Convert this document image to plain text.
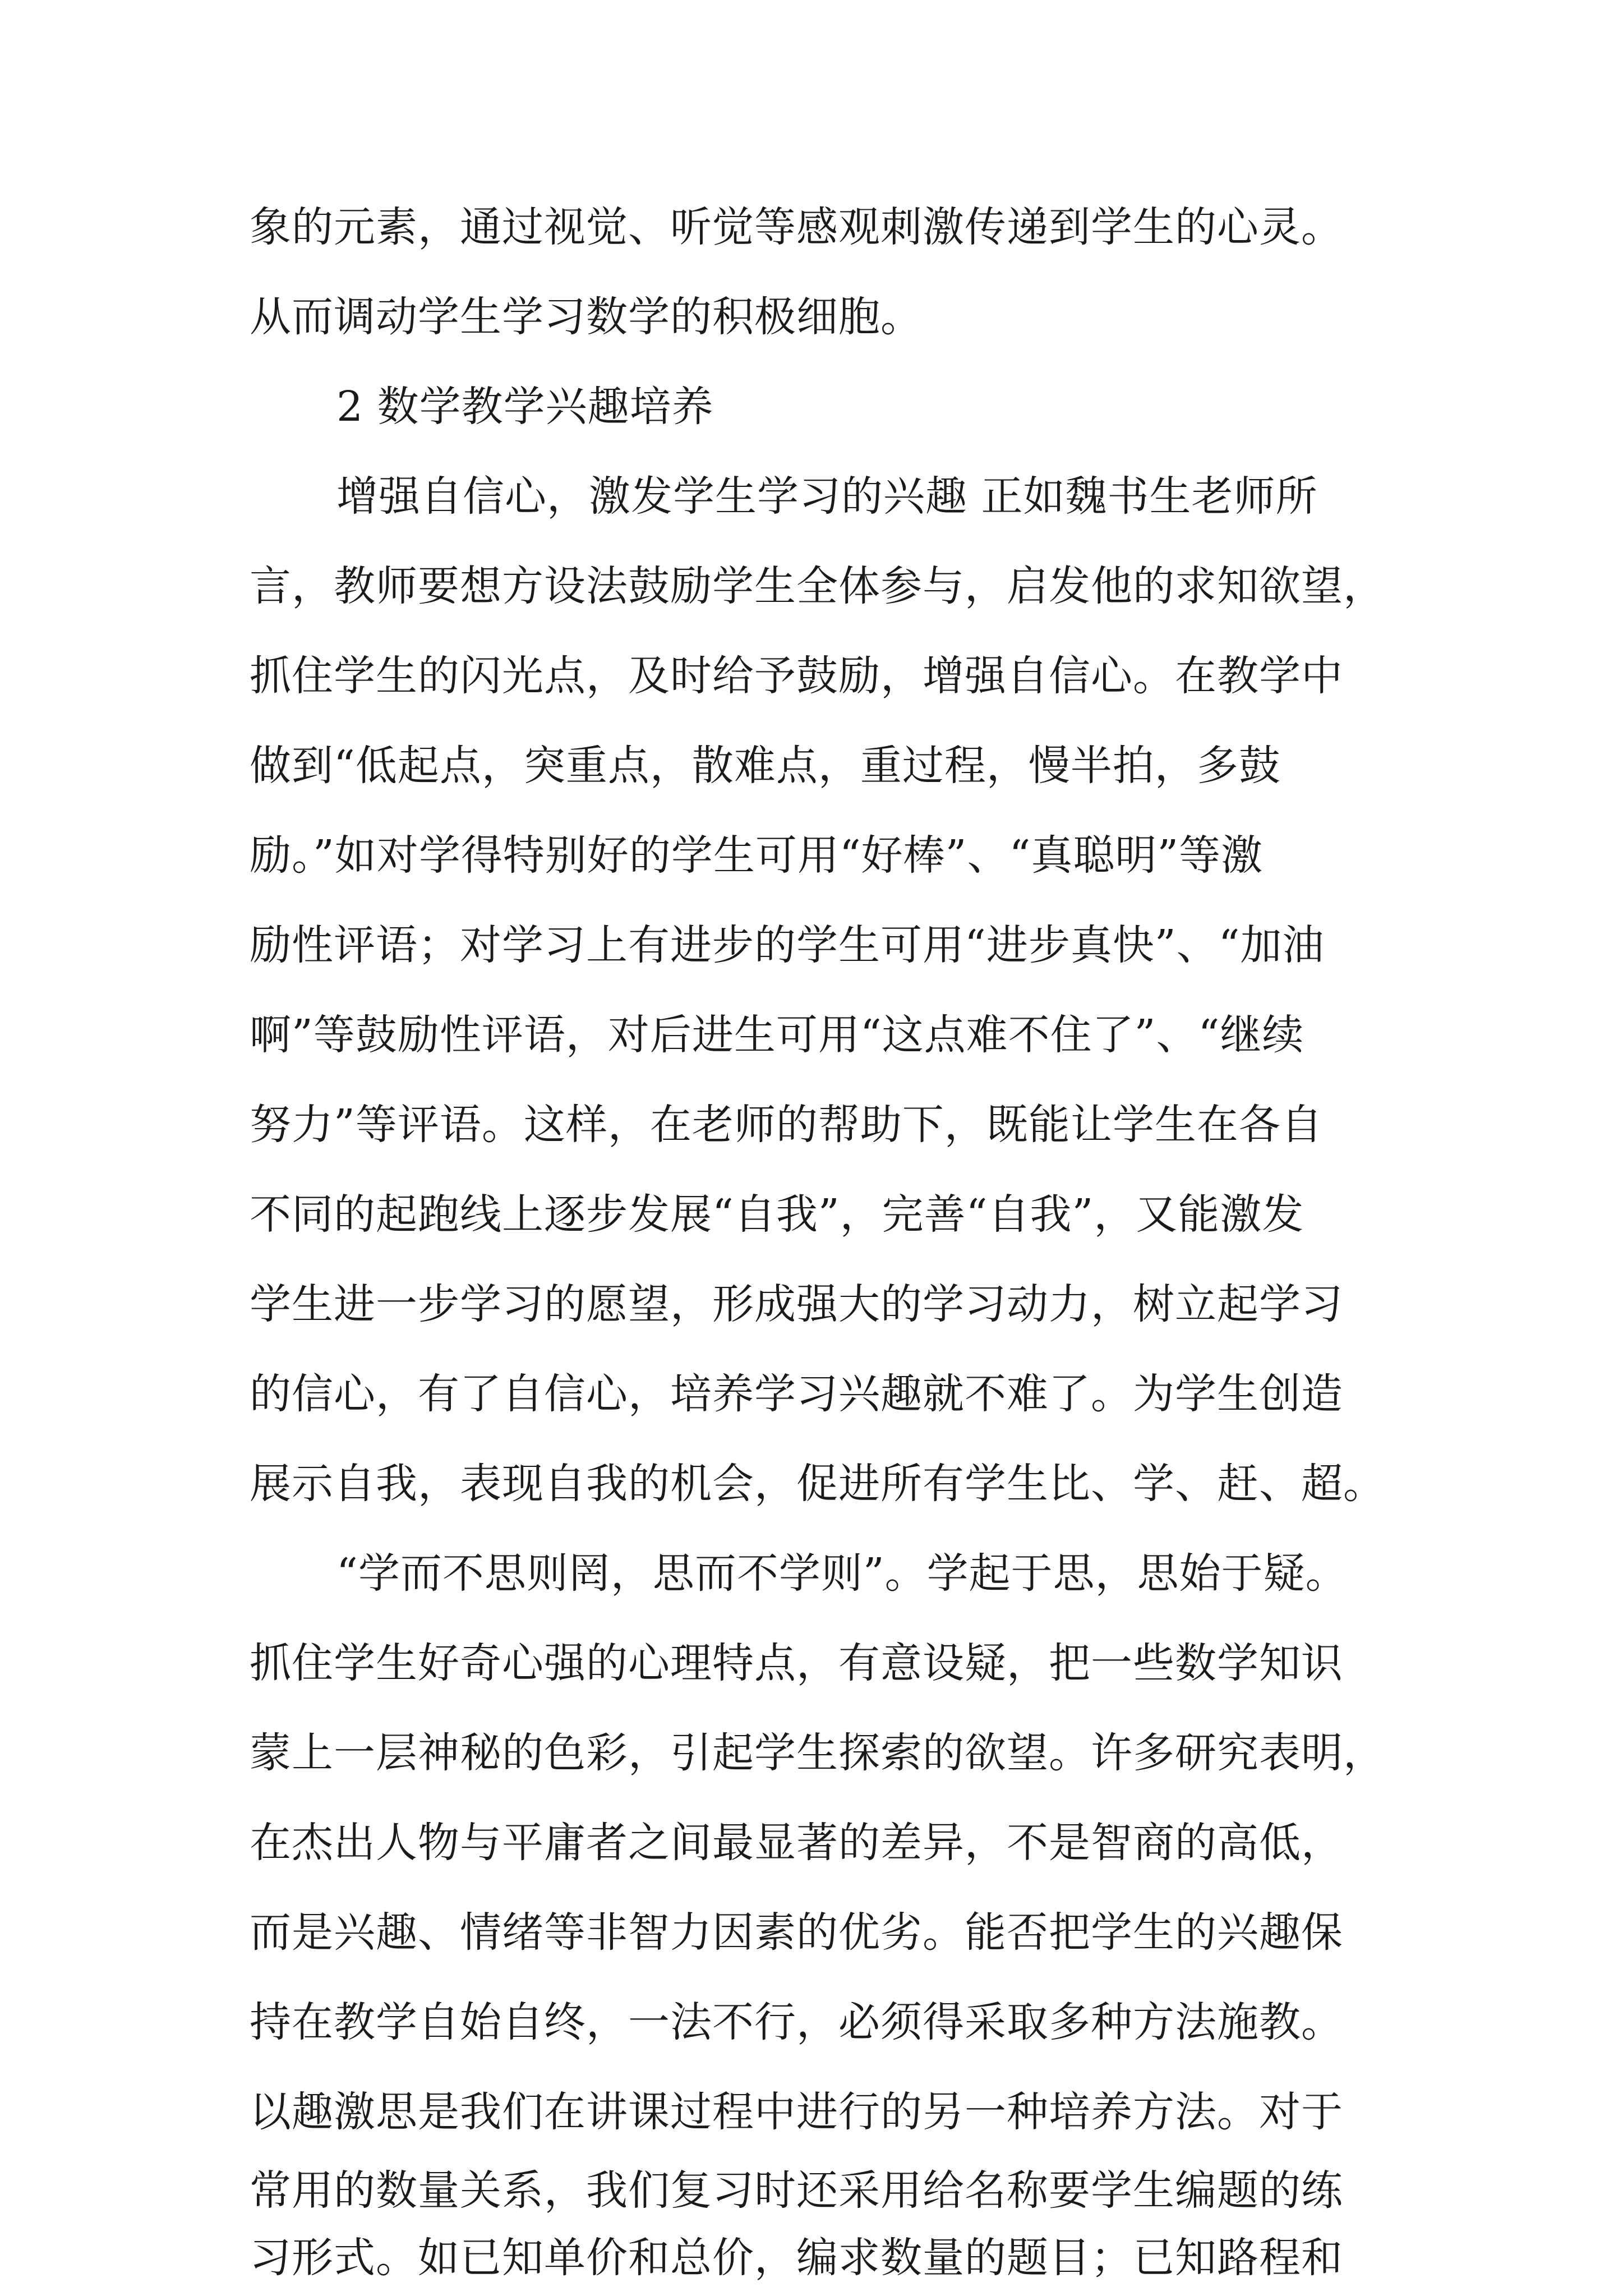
象的元素，通过视觉、听觉等感观刺激传递到学生的心灵。
从而调动学生学习数学的积极细胞。
2 数学教学兴趣培养
增强自信心，激发学生学习的兴趣 正如魏书生老师所
言，教师要想方设法鼓励学生全体参与，启发他的求知欲望，
抓住学生的闪光点，及时给予鼓励，增强自信心。在教学中
做到“低起点，突重点，散难点，重过程，慢半拍，多鼓
励。”如对学得特别好的学生可用“好棒”、“真聪明”等激
励性评语；对学习上有进步的学生可用“进步真快”、“加油
啊”等鼓励性评语，对后进生可用“这点难不住了”、“继续
努力”等评语。这样，在老师的帮助下，既能让学生在各自
不同的起跑线上逐步发展“自我”，完善“自我”，又能激发
学生进一步学习的愿望，形成强大的学习动力，树立起学习
的信心，有了自信心，培养学习兴趣就不难了。为学生创造
展示自我，表现自我的机会，促进所有学生比、学、赶、超。
“学而不思则罔，思而不学则”。学起于思，思始于疑。
抓住学生好奇心强的心理特点，有意设疑，把一些数学知识
蒙上一层神秘的色彩，引起学生探索的欲望。许多研究表明，
在杰出人物与平庸者之间最显著的差异，不是智商的高低，
而是兴趣、情绪等非智力因素的优劣。能否把学生的兴趣保
持在教学自始自终，一法不行，必须得采取多种方法施教。
以趣激思是我们在讲课过程中进行的另一种培养方法。对于
常用的数量关系，我们复习时还采用给名称要学生编题的练
习形式。如已知单价和总价，编求数量的题目；已知路程和
